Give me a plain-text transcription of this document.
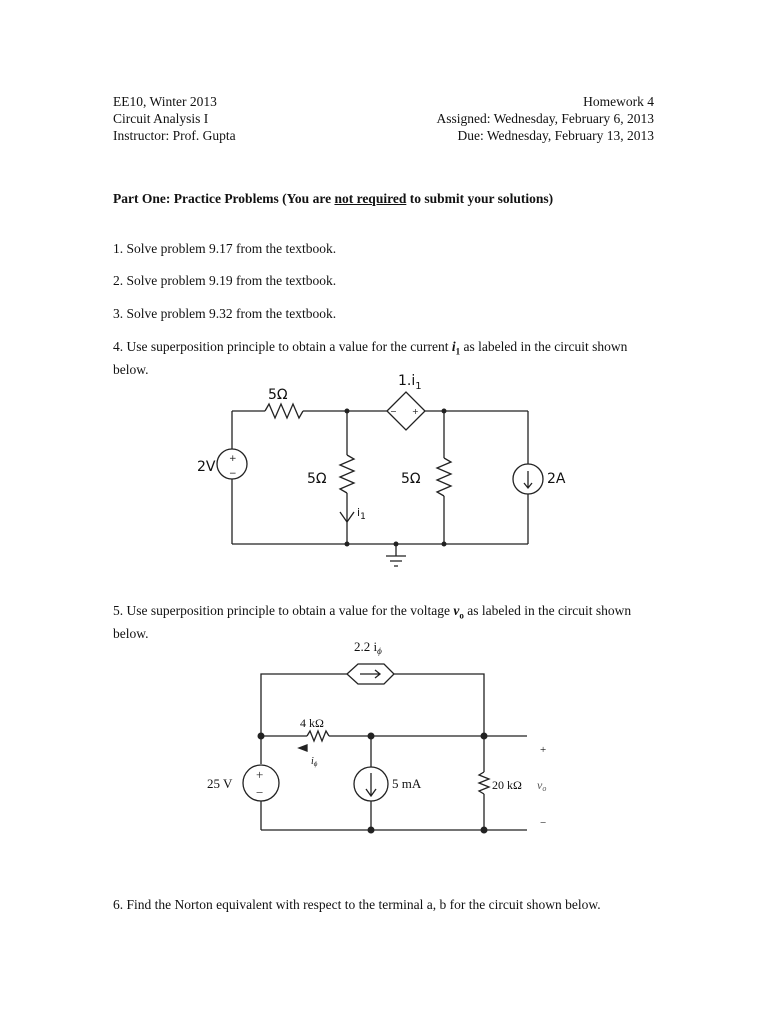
EE10, Winter 2013
Circuit Analysis I
Instructor: Prof. Gupta
Homework 4
Assigned: Wednesday, February 6, 2013
Due: Wednesday, February 13, 2013
Part One: Practice Problems (You are not required to submit your solutions)
1. Solve problem 9.17 from the textbook.
2. Solve problem 9.19 from the textbook.
3. Solve problem 9.32 from the textbook.
4. Use superposition principle to obtain a value for the current $i_1$ as labeled in the circuit shown below.
5. Use superposition principle to obtain a value for the voltage $v_o$ as labeled in the circuit shown below.
6. Find the Norton equivalent with respect to the terminal a, b for the circuit shown below.
+
−
− +
+
−
5Ω
$1.i_1$
2V
5Ω	5Ω	2A
$i_1$
2.2 $i_\phi$
4 kΩ
$i_\phi$
25 V	5 mA	20 kΩ vo
+
−
